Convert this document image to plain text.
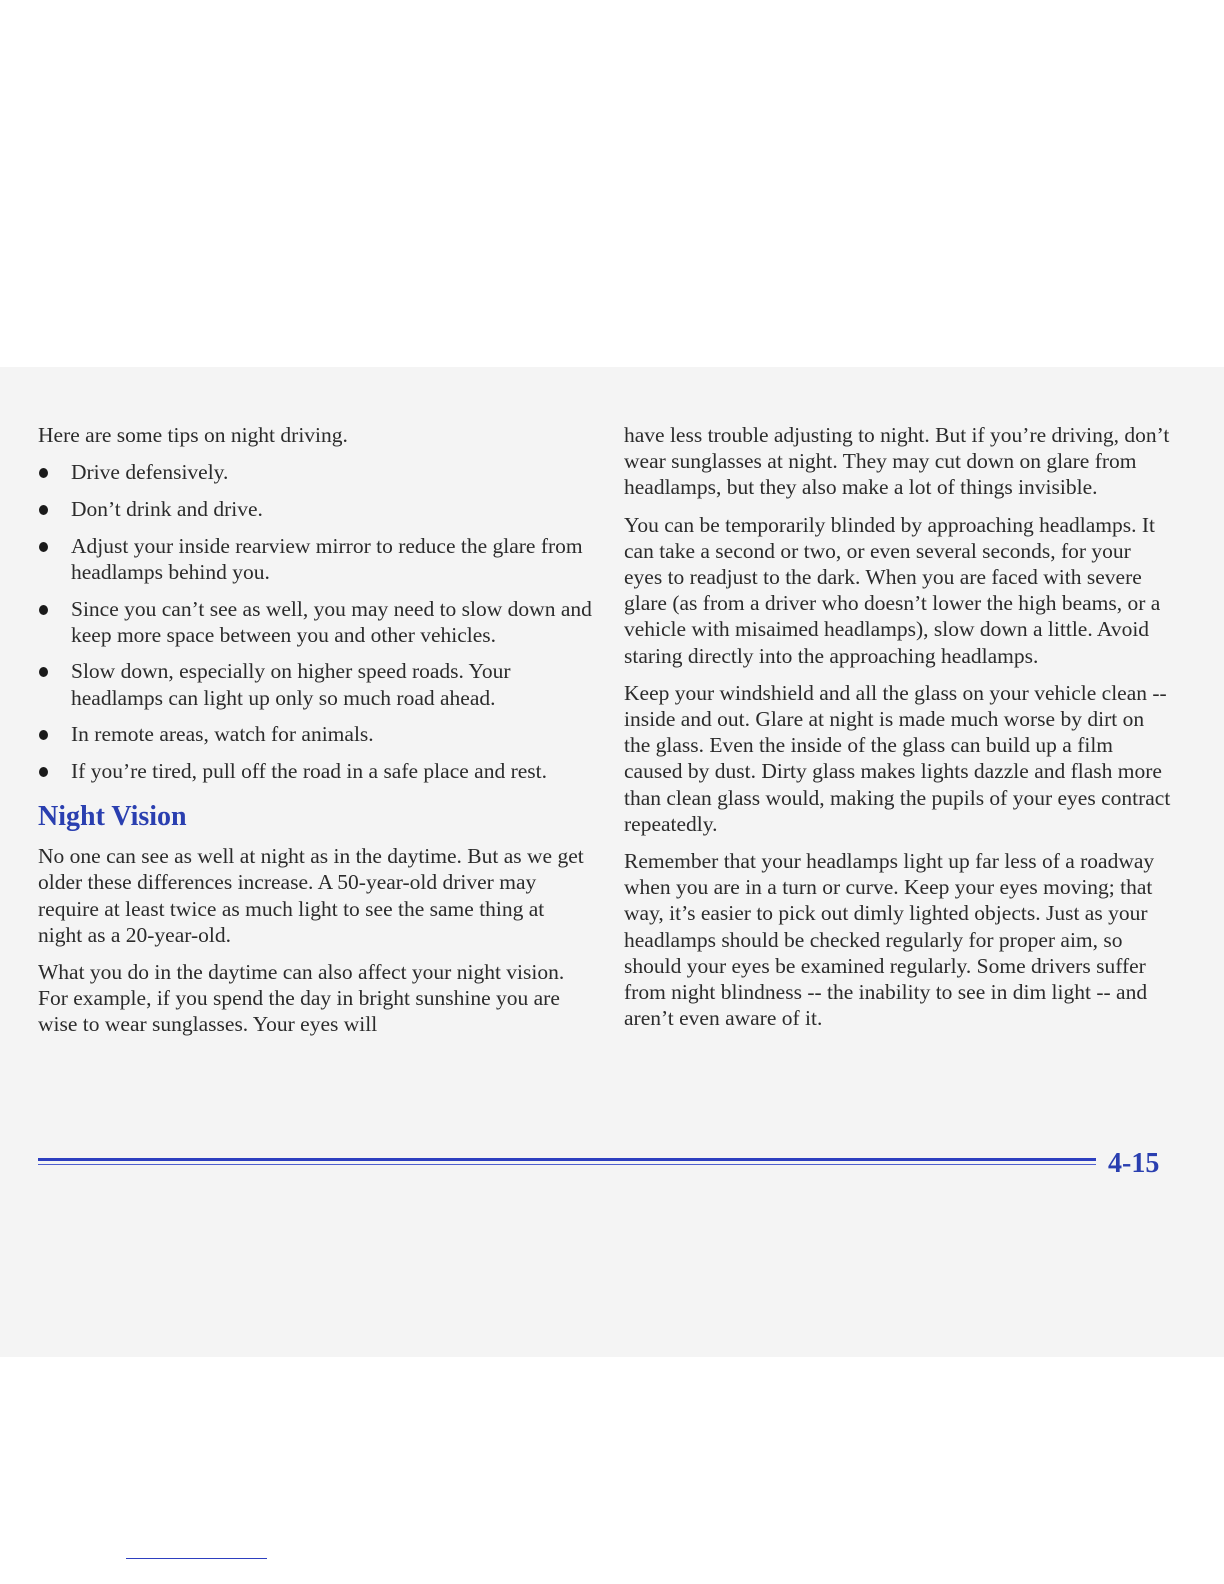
Here are some tips on night driving.

Drive defensively.
Don’t drink and drive.
Adjust your inside rearview mirror to reduce the glare from headlamps behind you.
Since you can’t see as well, you may need to slow down and keep more space between you and other vehicles.
Slow down, especially on higher speed roads. Your headlamps can light up only so much road ahead.
In remote areas, watch for animals.
If you’re tired, pull off the road in a safe place and rest.
Night Vision

No one can see as well at night as in the daytime. But as we get older these differences increase. A 50-year-old driver may require at least twice as much light to see the same thing at night as a 20-year-old.

What you do in the daytime can also affect your night vision. For example, if you spend the day in bright sunshine you are wise to wear sunglasses. Your eyes will

have less trouble adjusting to night. But if you’re driving, don’t wear sunglasses at night. They may cut down on glare from headlamps, but they also make a lot of things invisible.

You can be temporarily blinded by approaching headlamps. It can take a second or two, or even several seconds, for your eyes to readjust to the dark. When you are faced with severe glare (as from a driver who doesn’t lower the high beams, or a vehicle with misaimed headlamps), slow down a little. Avoid staring directly into the approaching headlamps.

Keep your windshield and all the glass on your vehicle clean -- inside and out. Glare at night is made much worse by dirt on the glass. Even the inside of the glass can build up a film caused by dust. Dirty glass makes lights dazzle and flash more than clean glass would, making the pupils of your eyes contract repeatedly.

Remember that your headlamps light up far less of a roadway when you are in a turn or curve. Keep your eyes moving; that way, it’s easier to pick out dimly lighted objects. Just as your headlamps should be checked regularly for proper aim, so should your eyes be examined regularly. Some drivers suffer from night blindness -- the inability to see in dim light -- and aren’t even aware of it.

4-15
